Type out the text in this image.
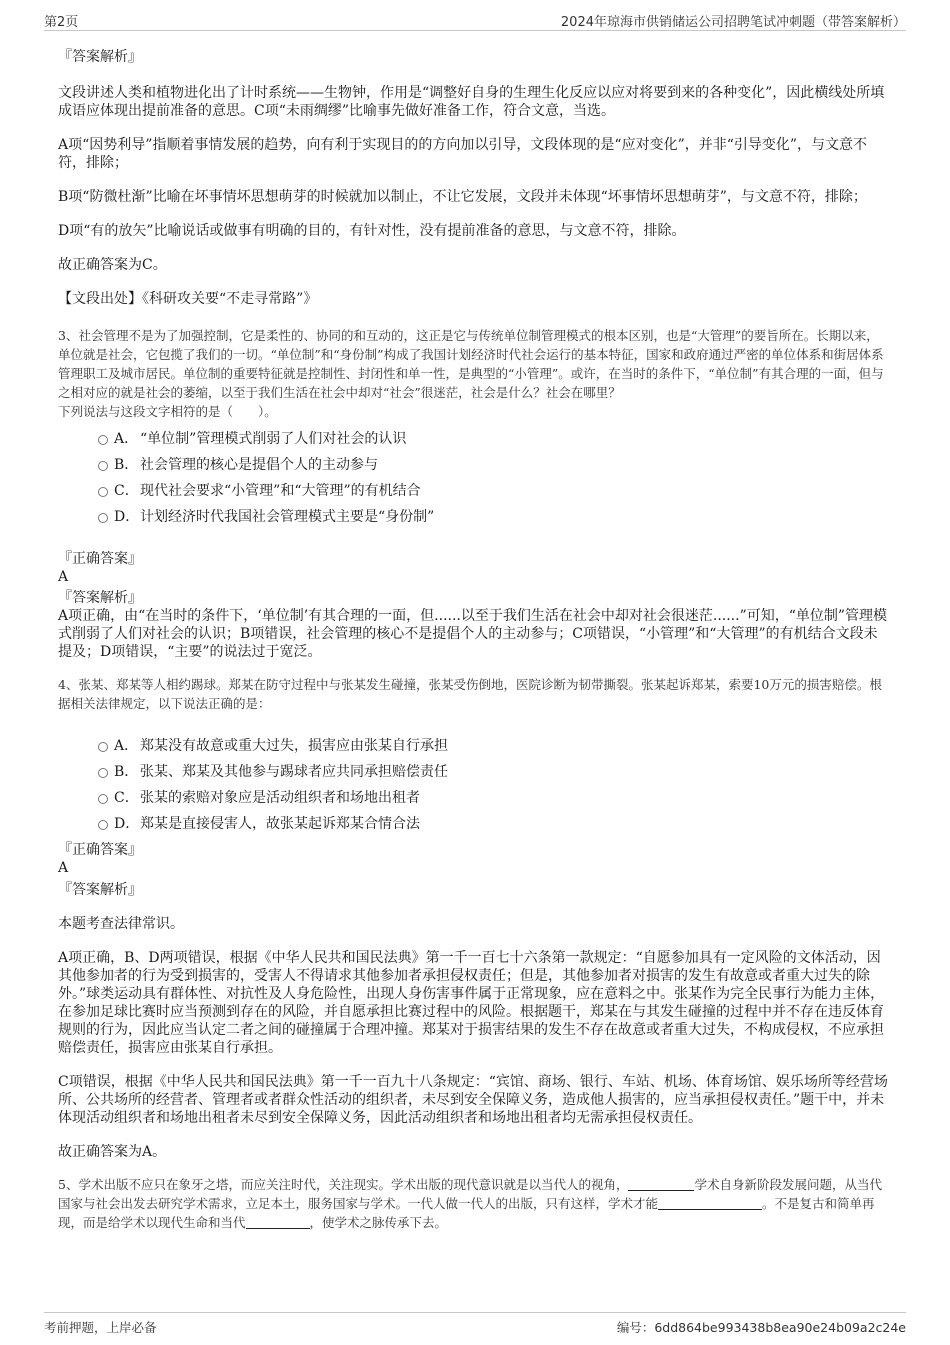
第2页	2024年琼海市供销储运公司招聘笔试冲刺题（带答案解析）

『答案解析』

文段讲述人类和植物进化出了计时系统——生物钟，作用是“调整好自身的生理生化反应以应对将要到来的各种变化”，因此横线处所填成语应体现出提前准备的意思。C项“未雨绸缪”比喻事先做好准备工作，符合文意，当选。

A项“因势利导”指顺着事情发展的趋势，向有利于实现目的的方向加以引导，文段体现的是“应对变化”，并非“引导变化”，与文意不符，排除；

B项“防微杜渐”比喻在坏事情坏思想萌芽的时候就加以制止，不让它发展，文段并未体现“坏事情坏思想萌芽”，与文意不符，排除；

D项“有的放矢”比喻说话或做事有明确的目的，有针对性，没有提前准备的意思，与文意不符，排除。

故正确答案为C。

【文段出处】《科研攻关要“不走寻常路”》

3、社会管理不是为了加强控制，它是柔性的、协同的和互动的，这正是它与传统单位制管理模式的根本区别，也是“大管理”的要旨所在。长期以来，单位就是社会，它包揽了我们的一切。“单位制”和“身份制”构成了我国计划经济时代社会运行的基本特征，国家和政府通过严密的单位体系和街居体系管理职工及城市居民。单位制的重要特征就是控制性、封闭性和单一性，是典型的“小管理”。或许，在当时的条件下，“单位制”有其合理的一面，但与之相对应的就是社会的萎缩，以至于我们生活在社会中却对“社会”很迷茫，社会是什么？社会在哪里？

下列说法与这段文字相符的是（　　）。

A． “单位制”管理模式削弱了人们对社会的认识
B． 社会管理的核心是提倡个人的主动参与
C．现代社会要求“小管理”和“大管理”的有机结合
D．计划经济时代我国社会管理模式主要是“身份制”

『正确答案』

A

『答案解析』

A项正确，由“在当时的条件下，‘单位制’有其合理的一面，但......以至于我们生活在社会中却对社会很迷茫......”可知，“单位制”管理模式削弱了人们对社会的认识；B项错误，社会管理的核心不是提倡个人的主动参与；C项错误，“小管理”和“大管理”的有机结合文段未提及；D项错误，“主要”的说法过于宽泛。

4、张某、郑某等人相约踢球。郑某在防守过程中与张某发生碰撞，张某受伤倒地，医院诊断为韧带撕裂。张某起诉郑某，索要10万元的损害赔偿。根据相关法律规定，以下说法正确的是：

A． 郑某没有故意或重大过失，损害应由张某自行承担
B． 张某、郑某及其他参与踢球者应共同承担赔偿责任
C．张某的索赔对象应是活动组织者和场地出租者
D．郑某是直接侵害人，故张某起诉郑某合情合法

『正确答案』

A

『答案解析』

本题考查法律常识。

A项正确，B、D两项错误，根据《中华人民共和国民法典》第一千一百七十六条第一款规定：“自愿参加具有一定风险的文体活动，因其他参加者的行为受到损害的，受害人不得请求其他参加者承担侵权责任；但是，其他参加者对损害的发生有故意或者重大过失的除外。”球类运动具有群体性、对抗性及人身危险性，出现人身伤害事件属于正常现象，应在意料之中。张某作为完全民事行为能力主体，在参加足球比赛时应当预测到存在的风险，并自愿承担比赛过程中的风险。根据题干，郑某在与其发生碰撞的过程中并不存在违反体育规则的行为，因此应当认定二者之间的碰撞属于合理冲撞。郑某对于损害结果的发生不存在故意或者重大过失，不构成侵权，不应承担赔偿责任，损害应由张某自行承担。

C项错误，根据《中华人民共和国民法典》第一千一百九十八条规定：“宾馆、商场、银行、车站、机场、体育场馆、娱乐场所等经营场所、公共场所的经营者、管理者或者群众性活动的组织者，未尽到安全保障义务，造成他人损害的，应当承担侵权责任。”题干中，并未体现活动组织者和场地出租者未尽到安全保障义务，因此活动组织者和场地出租者均无需承担侵权责任。

故正确答案为A。

5、学术出版不应只在象牙之塔，而应关注时代，关注现实。学术出版的现代意识就是以当代人的视角，	学术自身新阶段发展问题，从当代国家与社会出发去研究学术需求，立足本土，服务国家与学术。一代人做一代人的出版，只有这样，学术才能	。不是复古和简单再现，而是给学术以现代生命和当代	，使学术之脉传承下去。

考前押题，上岸必备	编号：6dd864be993438b8ea90e24b09a2c24e
